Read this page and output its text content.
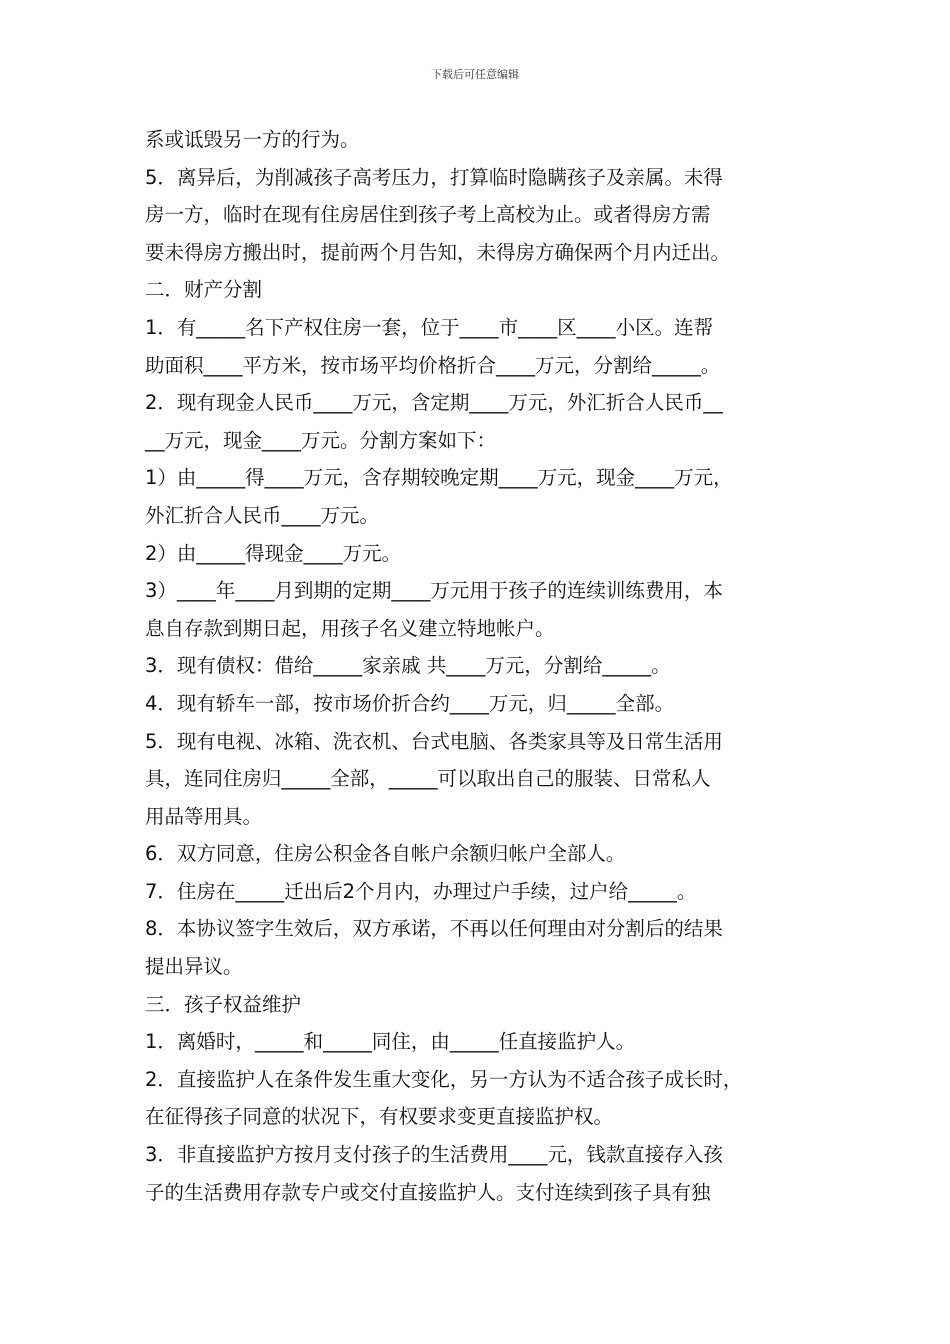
下载后可任意编辑
系或诋毁另一方的行为。
5．离异后，为削减孩子高考压力，打算临时隐瞒孩子及亲属。未得
房一方，临时在现有住房居住到孩子考上高校为止。或者得房方需
要未得房方搬出时，提前两个月告知，未得房方确保两个月内迁出。
二．财产分割
1．有_____名下产权住房一套，位于____市____区____小区。连帮
助面积____平方米，按市场平均价格折合____万元，分割给_____。
2．现有现金人民币____万元，含定期____万元，外汇折合人民币__
__万元，现金____万元。分割方案如下：
1）由_____得____万元，含存期较晚定期____万元，现金____万元，
外汇折合人民币____万元。
2）由_____得现金____万元。
3）____年____月到期的定期____万元用于孩子的连续训练费用，本
息自存款到期日起，用孩子名义建立特地帐户。
3．现有债权：借给_____家亲戚 共____万元，分割给_____。
4．现有轿车一部，按市场价折合约____万元，归_____全部。
5．现有电视、冰箱、洗衣机、台式电脑、各类家具等及日常生活用
具，连同住房归_____全部，_____可以取出自己的服装、日常私人
用品等用具。
6．双方同意，住房公积金各自帐户余额归帐户全部人。
7．住房在_____迁出后2个月内，办理过户手续，过户给_____。
8．本协议签字生效后，双方承诺，不再以任何理由对分割后的结果
提出异议。
三．孩子权益维护
1．离婚时，_____和_____同住，由_____任直接监护人。
2．直接监护人在条件发生重大变化，另一方认为不适合孩子成长时，
在征得孩子同意的状况下，有权要求变更直接监护权。
3．非直接监护方按月支付孩子的生活费用____元，钱款直接存入孩
子的生活费用存款专户或交付直接监护人。支付连续到孩子具有独
